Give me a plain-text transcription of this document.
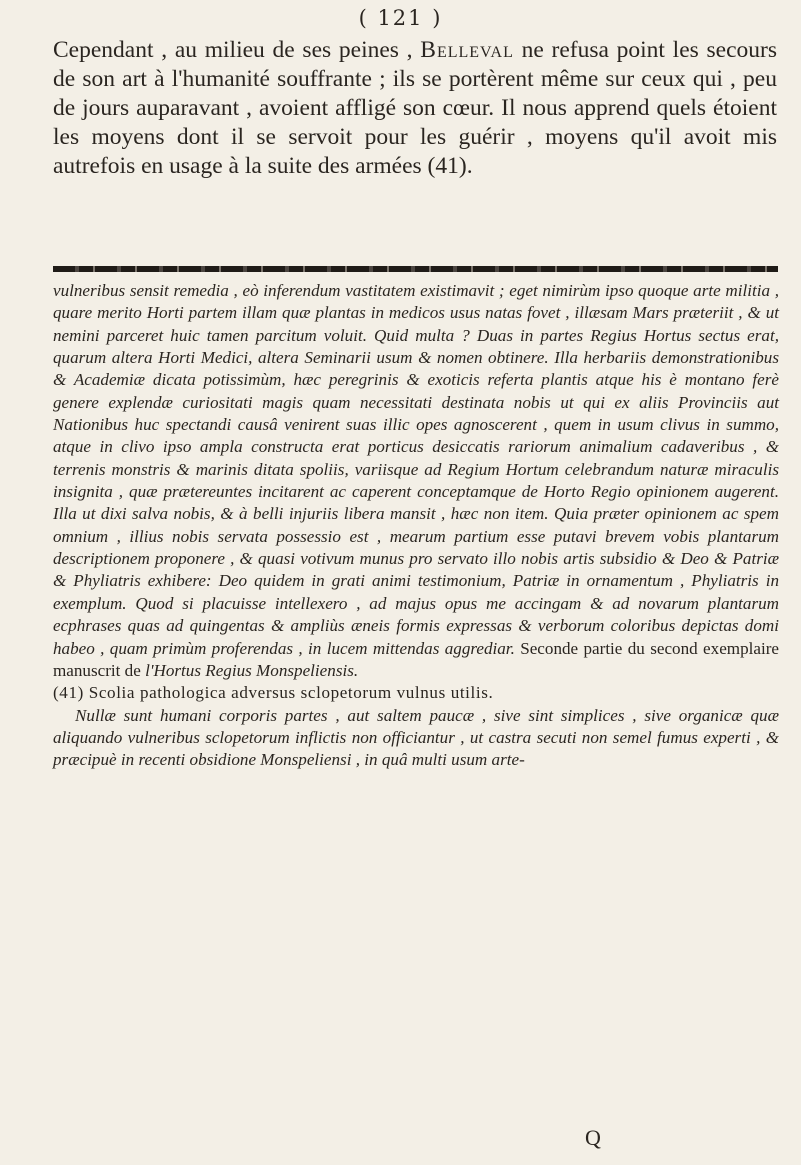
( 121 )

Cependant , au milieu de ses peines , Belleval ne refusa point les secours de son art à l'humanité souffrante ; ils se portèrent même sur ceux qui , peu de jours auparavant , avoient affligé son cœur. Il nous apprend quels étoient les moyens dont il se servoit pour les guérir , moyens qu'il avoit mis autrefois en usage à la suite des armées (41).

vulneribus sensit remedia , eò inferendum vastitatem existimavit ; eget nimirùm ipso quoque arte militia , quare merito Horti partem illam quæ plantas in medicos usus natas fovet , illæsam Mars præteriit , & ut nemini parceret huic tamen parcitum voluit. Quid multa ? Duas in partes Regius Hortus sectus erat, quarum altera Horti Medici, altera Seminarii usum & nomen obtinere. Illa herbariis demonstrationibus & Academiæ dicata potissimùm, hæc peregrinis & exoticis referta plantis atque his è montano ferè genere explendæ curiositati magis quam necessitati destinata nobis ut qui ex aliis Provinciis aut Nationibus huc spectandi causâ venirent suas illic opes agnoscerent , quem in usum clivus in summo, atque in clivo ipso ampla constructa erat porticus desiccatis rariorum animalium cadaveribus , & terrenis monstris & marinis ditata spoliis, variisque ad Regium Hortum celebrandum naturæ miraculis insignita , quæ prætereuntes incitarent ac caperent conceptamque de Horto Regio opinionem augerent. Illa ut dixi salva nobis, & à belli injuriis libera mansit , hæc non item. Quia præter opinionem ac spem omnium , illius nobis servata possessio est , mearum partium esse putavi brevem vobis plantarum descriptionem proponere , & quasi votivum munus pro servato illo nobis artis subsidio & Deo & Patriæ & Phyliatris exhibere: Deo quidem in grati animi testimonium, Patriæ in ornamentum , Phyliatris in exemplum. Quod si placuisse intellexero , ad majus opus me accingam & ad novarum plantarum ecphrases quas ad quingentas & ampliùs æneis formis expressas & verborum coloribus depictas domi habeo , quam primùm proferendas , in lucem mittendas aggrediar. Seconde partie du second exemplaire manuscrit de l'Hortus Regius Monspeliensis.

(41) Scolia pathologica adversus sclopetorum vulnus utilis.

Nullæ sunt humani corporis partes , aut saltem paucæ , sive sint simplices , sive organicæ quæ aliquando vulneribus sclopetorum inflictis non officiantur , ut castra secuti non semel fumus experti , & præcipuè in recenti obsidione Monspeliensi , in quâ multi usum arte-

Q
